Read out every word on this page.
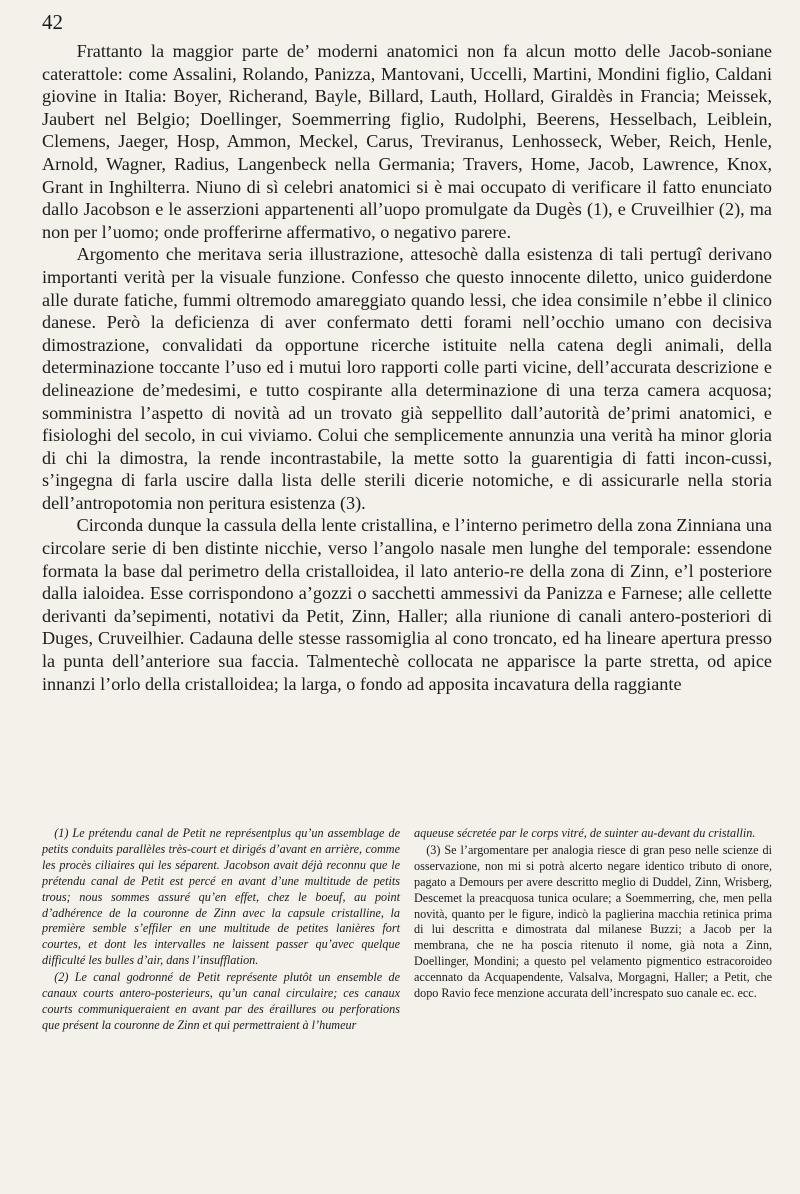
42

Frattanto la maggior parte de’ moderni anatomici non fa alcun motto delle Jacob-soniane caterattole: come Assalini, Rolando, Panizza, Mantovani, Uccelli, Martini, Mondini figlio, Caldani giovine in Italia: Boyer, Richerand, Bayle, Billard, Lauth, Hollard, Giraldès in Francia; Meissek, Jaubert nel Belgio; Doellinger, Soemmerring figlio, Rudolphi, Beerens, Hesselbach, Leiblein, Clemens, Jaeger, Hosp, Ammon, Meckel, Carus, Treviranus, Lenhosseck, Weber, Reich, Henle, Arnold, Wagner, Radius, Langenbeck nella Germania; Travers, Home, Jacob, Lawrence, Knox, Grant in Inghilterra. Niuno di sì celebri anatomici si è mai occupato di verificare il fatto enunciato dallo Jacobson e le asserzioni appartenenti all’uopo promulgate da Dugès (1), e Cruveilhier (2), ma non per l’uomo; onde profferirne affermativo, o negativo parere.

Argomento che meritava seria illustrazione, attesochè dalla esistenza di tali pertugî derivano importanti verità per la visuale funzione. Confesso che questo innocente diletto, unico guiderdone alle durate fatiche, fummi oltremodo amareggiato quando lessi, che idea consimile n’ebbe il clinico danese. Però la deficienza di aver confermato detti forami nell’occhio umano con decisiva dimostrazione, convalidati da opportune ricerche istituite nella catena degli animali, della determinazione toccante l’uso ed i mutui loro rapporti colle parti vicine, dell’accurata descrizione e delineazione de’medesimi, e tutto cospirante alla determinazione di una terza camera acquosa; somministra l’aspetto di novità ad un trovato già seppellito dall’autorità de’primi anatomici, e fisiologhi del secolo, in cui viviamo. Colui che semplicemente annunzia una verità ha minor gloria di chi la dimostra, la rende incontrastabile, la mette sotto la guarentigia di fatti incon-cussi, s’ingegna di farla uscire dalla lista delle sterili dicerie notomiche, e di assicurarle nella storia dell’antropotomia non peritura esistenza (3).

Circonda dunque la cassula della lente cristallina, e l’interno perimetro della zona Zinniana una circolare serie di ben distinte nicchie, verso l’angolo nasale men lunghe del temporale: essendone formata la base dal perimetro della cristalloidea, il lato anterio-re della zona di Zinn, e’l posteriore dalla ialoidea. Esse corrispondono a’gozzi o sacchetti ammessivi da Panizza e Farnese; alle cellette derivanti da’sepimenti, notativi da Petit, Zinn, Haller; alla riunione di canali antero-posteriori di Duges, Cruveilhier. Cadauna delle stesse rassomiglia al cono troncato, ed ha lineare apertura presso la punta dell’anteriore sua faccia. Talmentechè collocata ne apparisce la parte stretta, od apice innanzi l’orlo della cristalloidea; la larga, o fondo ad apposita incavatura della raggiante

(1) Le prétendu canal de Petit ne représentplus qu’un assemblage de petits conduits parallèles très-court et dirigés d’avant en arrière, comme les procès ciliaires qui les séparent. Jacobson avait déjà reconnu que le prétendu canal de Petit est percé en avant d’une multitude de petits trous; nous sommes assuré qu’en effet, chez le boeuf, au point d’adhérence de la couronne de Zinn avec la capsule cristalline, la première semble s’effiler en une multitude de petites lanières fort courtes, et dont les intervalles ne laissent passer qu’avec quelque difficulté les bulles d’air, dans l’insufflation.

(2) Le canal godronné de Petit représente plutôt un ensemble de canaux courts antero-posterieurs, qu’un canal circulaire; ces canaux courts communiqueraient en avant par des éraillures ou perforations que présent la couronne de Zinn et qui permettraient à l’humeur

aqueuse sécretée par le corps vitré, de suinter au-devant du cristallin.

(3) Se l’argomentare per analogia riesce di gran peso nelle scienze di osservazione, non mi si potrà alcerto negare identico tributo di onore, pagato a Demours per avere descritto meglio di Duddel, Zinn, Wrisberg, Descemet la preacquosa tunica oculare; a Soemmerring, che, men pella novità, quanto per le figure, indicò la paglierina macchia retinica prima di lui descritta e dimostrata dal milanese Buzzi; a Jacob per la membrana, che ne ha poscia ritenuto il nome, già nota a Zinn, Doellinger, Mondini; a questo pel velamento pigmentico estracoroideo accennato da Acquapendente, Valsalva, Morgagni, Haller; a Petit, che dopo Ravio fece menzione accurata dell’increspato suo canale ec. ecc.
